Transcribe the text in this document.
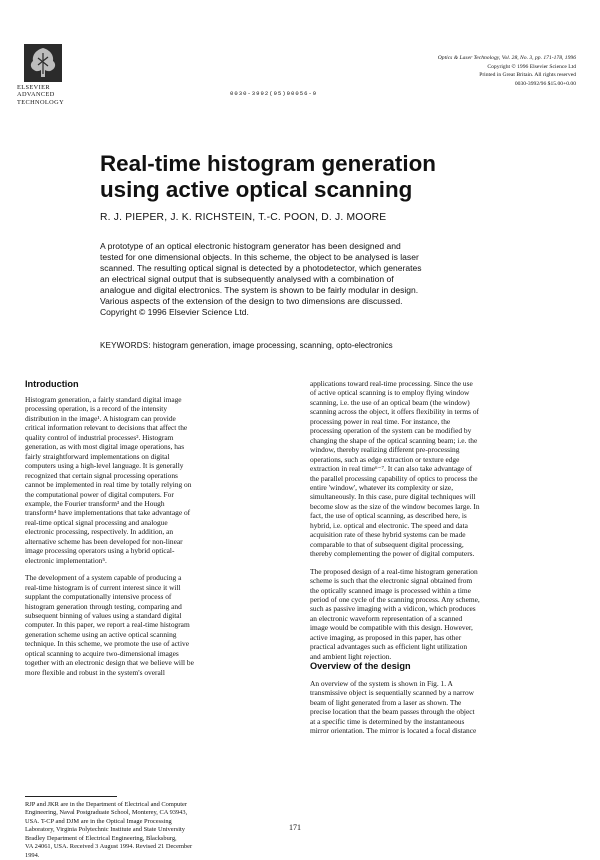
ELSEVIER
ADVANCED
TECHNOLOGY
Optics & Laser Technology, Vol. 28, No. 3, pp. 171-178, 1996
Copyright © 1996 Elsevier Science Ltd
Printed in Great Britain. All rights reserved
0030-3992/96 $15.00+0.00
0030-3992(95)00056-9
Real-time histogram generation
using active optical scanning
R. J. PIEPER, J. K. RICHSTEIN, T.-C. POON, D. J. MOORE
A prototype of an optical electronic histogram generator has been designed and
tested for one dimensional objects. In this scheme, the object to be analysed is laser
scanned. The resulting optical signal is detected by a photodetector, which generates
an electrical signal output that is subsequently analysed with a combination of
analogue and digital electronics. The system is shown to be fairly modular in design.
Various aspects of the extension of the design to two dimensions are discussed.
Copyright © 1996 Elsevier Science Ltd.
KEYWORDS: histogram generation, image processing, scanning, opto-electronics
Introduction
Histogram generation, a fairly standard digital image
processing operation, is a record of the intensity
distribution in the image¹. A histogram can provide
critical information relevant to decisions that affect the
quality control of industrial processes². Histogram
generation, as with most digital image operations, has
fairly straightforward implementations on digital
computers using a high-level language. It is generally
recognized that certain signal processing operations
cannot be implemented in real time by totally relying on
the computational power of digital computers. For
example, the Fourier transform³ and the Hough
transform⁴ have implementations that take advantage of
real-time optical signal processing and analogue
electronic processing, respectively. In addition, an
alternative scheme has been developed for non-linear
image processing operators using a hybrid optical-
electronic implementation⁵.
The development of a system capable of producing a
real-time histogram is of current interest since it will
supplant the computationally intensive process of
histogram generation through testing, comparing and
subsequent binning of values using a standard digital
computer. In this paper, we report a real-time histogram
generation scheme using an active optical scanning
technique. In this scheme, we promote the use of active
optical scanning to acquire two-dimensional images
together with an electronic design that we believe will be
more flexible and robust in the system's overall
applications toward real-time processing. Since the use
of active optical scanning is to employ flying window
scanning, i.e. the use of an optical beam (the window)
scanning across the object, it offers flexibility in terms of
processing power in real time. For instance, the
processing operation of the system can be modified by
changing the shape of the optical scanning beam; i.e. the
window, thereby realizing different pre-processing
operations, such as edge extraction or texture edge
extraction in real time⁶⁻⁷. It can also take advantage of
the parallel processing capability of optics to process the
entire 'window', whatever its complexity or size,
simultaneously. In this case, pure digital techniques will
become slow as the size of the window becomes large. In
fact, the use of optical scanning, as described here, is
hybrid, i.e. optical and electronic. The speed and data
acquisition rate of these hybrid systems can be made
comparable to that of subsequent digital processing,
thereby complementing the power of digital computers.
The proposed design of a real-time histogram generation
scheme is such that the electronic signal obtained from
the optically scanned image is processed within a time
period of one cycle of the scanning process. Any scheme,
such as passive imaging with a vidicon, which produces
an electronic waveform representation of a scanned
image would be compatible with this design. However,
active imaging, as proposed in this paper, has other
practical advantages such as efficient light utilization
and ambient light rejection.
Overview of the design
An overview of the system is shown in Fig. 1. A
transmissive object is sequentially scanned by a narrow
beam of light generated from a laser as shown. The
precise location that the beam passes through the object
at a specific time is determined by the instantaneous
mirror orientation. The mirror is located a focal distance
RJP and JKR are in the Department of Electrical and Computer
Engineering, Naval Postgraduate School, Monterey, CA 93943,
USA. T-CP and DJM are in the Optical Image Processing
Laboratory, Virginia Polytechnic Institute and State University
Bradley Department of Electrical Engineering, Blacksburg,
VA 24061, USA. Received 3 August 1994. Revised 21 December
1994.
171
